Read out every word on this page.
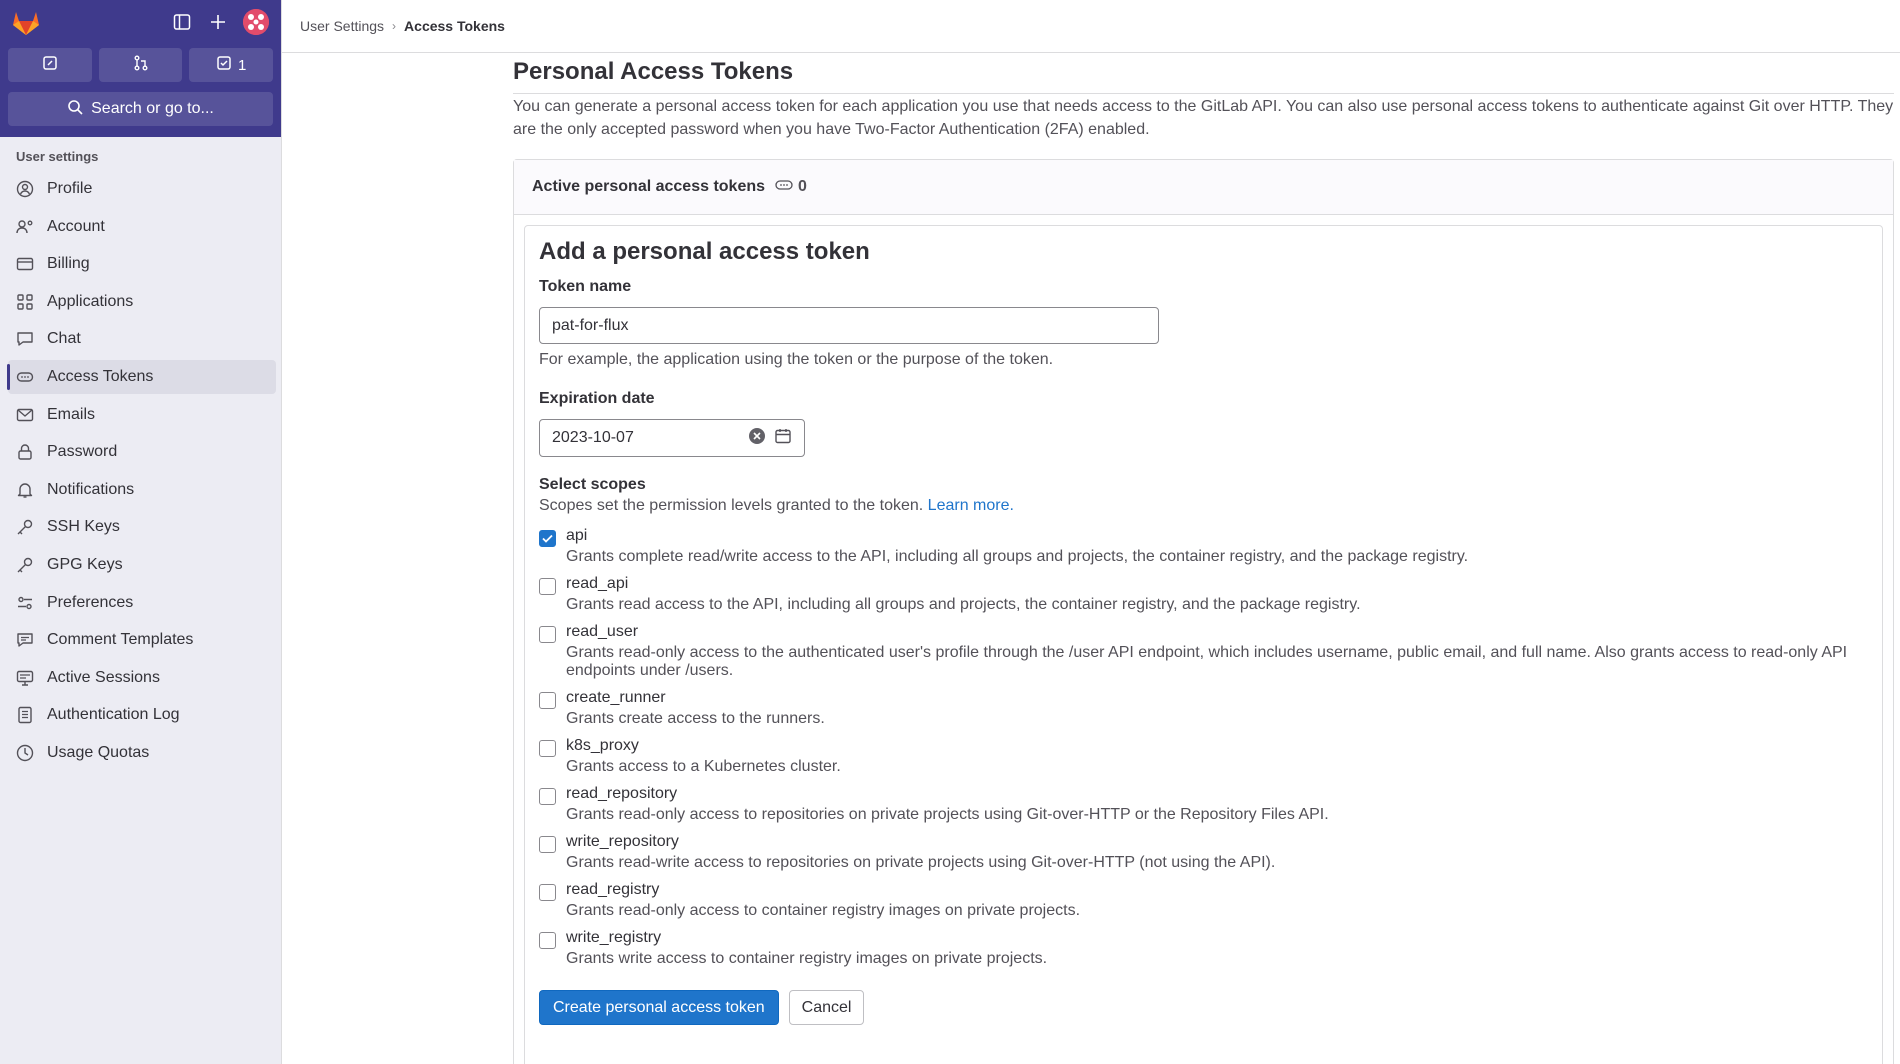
1
Search or go to...
User settings
Profile
Account
Billing
Applications
Chat
Access Tokens
Emails
Password
Notifications
SSH Keys
GPG Keys
Preferences
Comment Templates
Active Sessions
Authentication Log
Usage Quotas
User Settings › Access Tokens
Personal Access Tokens

You can generate a personal access token for each application you use that needs access to the GitLab API. You can also use personal access tokens to authenticate against Git over HTTP. They are the only accepted password when you have Two-Factor Authentication (2FA) enabled.

Active personal access tokens 0
Add a personal access token
Token name
pat-for-flux
For example, the application using the token or the purpose of the token.
Expiration date
2023-10-07
Select scopes
Scopes set the permission levels granted to the token. Learn more.
api
Grants complete read/write access to the API, including all groups and projects, the container registry, and the package registry.
read_api
Grants read access to the API, including all groups and projects, the container registry, and the package registry.
read_user
Grants read-only access to the authenticated user's profile through the /user API endpoint, which includes username, public email, and full name. Also grants access to read-only API endpoints under /users.
create_runner
Grants create access to the runners.
k8s_proxy
Grants access to a Kubernetes cluster.
read_repository
Grants read-only access to repositories on private projects using Git-over-HTTP or the Repository Files API.
write_repository
Grants read-write access to repositories on private projects using Git-over-HTTP (not using the API).
read_registry
Grants read-only access to container registry images on private projects.
write_registry
Grants write access to container registry images on private projects.
Create personal access token	Cancel
